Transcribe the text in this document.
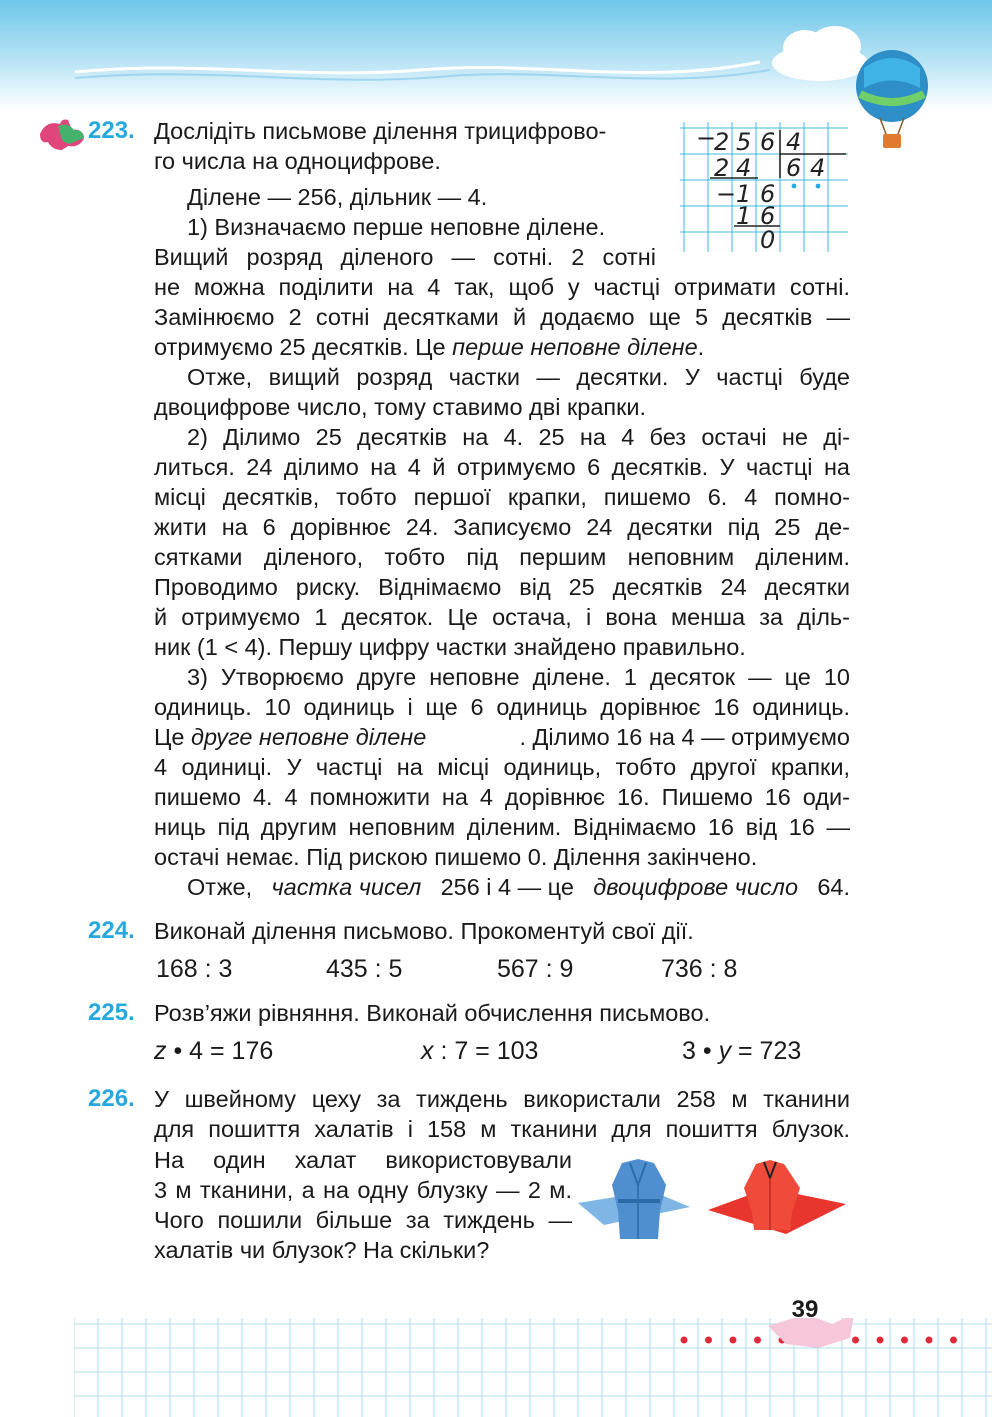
223. Дослідіть письмове ділення трицифрово-
го числа на одноцифрове.
Ділене — 256, дільник — 4.
1) Визначаємо перше неповне ділене.
Вищий розряд діленого — сотні. 2 сотні
не можна поділити на 4 так, щоб у частці отримати сотні.
Замінюємо 2 сотні десятками й додаємо ще 5 десятків —
отримуємо 25 десятків. Це перше неповне ділене.
Отже, вищий розряд частки — десятки. У частці буде
двоцифрове число, тому ставимо дві крапки.
2) Ділимо 25 десятків на 4. 25 на 4 без остачі не ді-
литься. 24 ділимо на 4 й отримуємо 6 десятків. У частці на
місці десятків, тобто першої крапки, пишемо 6. 4 помно-
жити на 6 дорівнює 24. Записуємо 24 десятки під 25 де-
сятками діленого, тобто під першим неповним діленим.
Проводимо риску. Віднімаємо від 25 десятків 24 десятки
й отримуємо 1 десяток. Це остача, і вона менша за діль-
ник (1 < 4). Першу цифру частки знайдено правильно.
3) Утворюємо друге неповне ділене. 1 десяток — це 10
одиниць. 10 одиниць і ще 6 одиниць дорівнює 16 одиниць.
Це друге неповне ділене	. Ділимо 16 на 4 — отримуємо
4 одиниці. У частці на місці одиниць, тобто другої крапки,
пишемо 4. 4 помножити на 4 дорівнює 16. Пишемо 16 оди-
ниць під другим неповним діленим. Віднімаємо 16 від 16 —
остачі немає. Під рискою пишемо 0. Ділення закінчено.
Отже, частка чисел 256 і 4 — це двоцифрове число 64.
−
2 5 6 4
2 4 6 4
− 1 6
1 6
0
224. Виконай ділення письмово. Прокоментуй свої дії.
168 : 3	435 : 5	567 : 9	736 : 8
225. Розв’яжи рівняння. Виконай обчислення письмово.
z • 4 = 176	x : 7 = 103	3 • y = 723
226. У швейному цеху за тиждень використали 258 м тканини
для пошиття халатів і 158 м тканини для пошиття блузок.
На один халат використовували
3 м тканини, а на одну блузку — 2 м.
Чого пошили більше за тиждень —
халатів чи блузок? На скільки?
39
